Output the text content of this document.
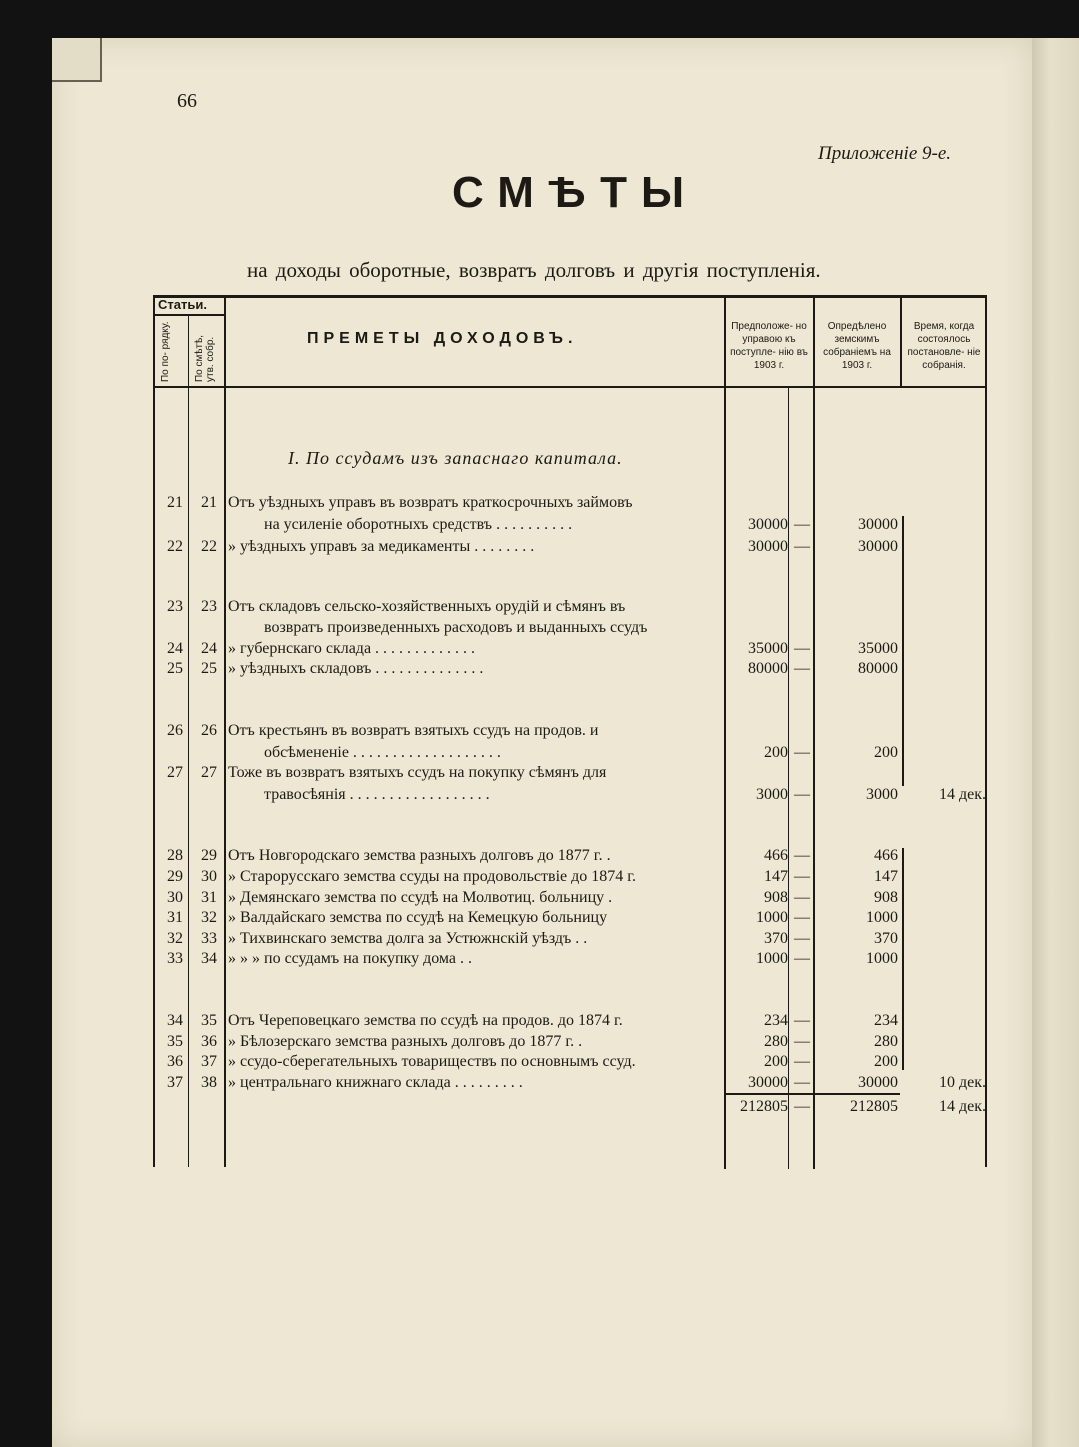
66
Приложенiе 9-е.
СМѢТЫ
на доходы оборотные, возвратъ долговъ и другiя поступленiя.
Статьи.
По по- рядку. По смѣтѣ, утв. собр.	ПРЕМЕТЫ ДОХОДОВЪ.
Предположе- но управою къ поступле- нiю въ 1903 г.
Опредѣлено земскимъ собранiемъ на 1903 г.
Время, когда состоялось постановле- нiе собранiя.
I. По ссудамъ изъ запаснаго капитала.
21	21 Отъ уѣздныхъ управъ въ возвратъ краткосрочныхъ займовъ
на усиленiе оборотныхъ средствъ . . . . . . . . . .	30000 —	30000
22	22 » уѣздныхъ управъ за медикаменты . . . . . . . .	30000 —	30000
23	23 Отъ складовъ сельско-хозяйственныхъ орудiй и сѣмянъ въ
возвратъ произведенныхъ расходовъ и выданныхъ ссудъ
24	24 » губернскаго склада . . . . . . . . . . . . .	35000 —	35000
25	25 » уѣздныхъ складовъ . . . . . . . . . . . . . .	80000 —	80000
26	26 Отъ крестьянъ въ возвратъ взятыхъ ссудъ на продов. и
обсѣмененiе . . . . . . . . . . . . . . . . . . .	200 —	200
27	27 Тоже въ возвратъ взятыхъ ссудъ на покупку сѣмянъ для
травосѣянiя . . . . . . . . . . . . . . . . . .	3000 —	3000	14 дек.
28	29 Отъ Новгородскаго земства разныхъ долговъ до 1877 г. .	466 —	466
29	30 » Старорусскаго земства ссуды на продовольствiе до 1874 г.	147 —	147
30	31 » Демянскаго земства по ссудѣ на Молвотиц. больницу .	908 —	908
31	32 » Валдайскаго земства по ссудѣ на Кемецкую больницу	1000 —	1000
32	33 » Тихвинскаго земства долга за Устюжнскiй уѣздъ . .	370 —	370
33	34 » » » по ссудамъ на покупку дома . .	1000 —	1000
34	35 Отъ Череповецкаго земства по ссудѣ на продов. до 1874 г.	234 —	234
35	36 » Бѣлозерскаго земства разныхъ долговъ до 1877 г. .	280 —	280
36	37 » ссудо-сберегательныхъ товариществъ по основнымъ ссуд.	200 —	200
37	38 » центральнаго книжнаго склада . . . . . . . . .	30000 —	30000	10 дек.
212805 —	212805	14 дек.
